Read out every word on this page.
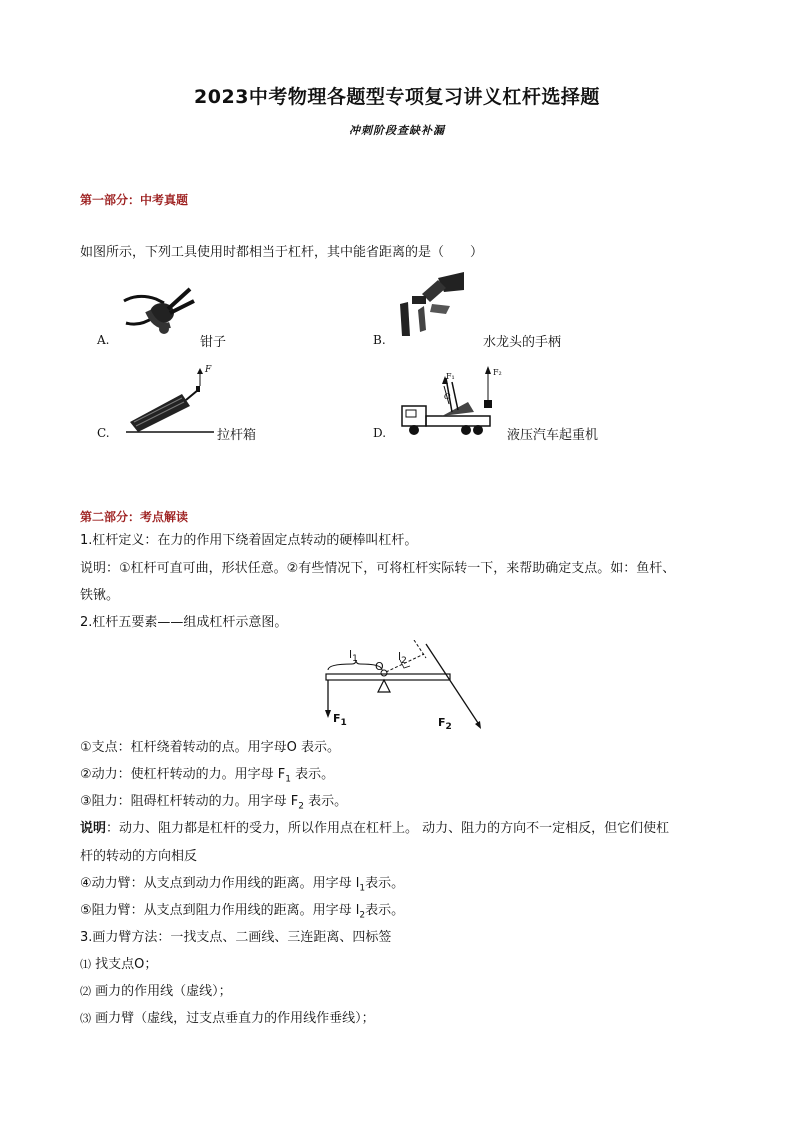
2023中考物理各题型专项复习讲义杠杆选择题
冲刺阶段查缺补漏
第一部分：中考真题
如图所示，下列工具使用时都相当于杠杆，其中能省距离的是（　　）
A.	钳子	B.	水龙头的手柄
F
C.	拉杆箱
F₁	F₂
O
D.	液压汽车起重机
第二部分：考点解读
1.杠杆定义：在力的作用下绕着固定点转动的硬棒叫杠杆。
说明：①杠杆可直可曲，形状任意。②有些情况下，可将杠杆实际转一下，来帮助确定支点。如：鱼杆、
铁锹。
2.杠杆五要素——组成杠杆示意图。
$l_1$
O
$l_2$
$F_1$	$F_2$
①支点：杠杆绕着转动的点。用字母O 表示。
②动力：使杠杆转动的力。用字母 $F_1$ 表示。
③阻力：阻碍杠杆转动的力。用字母 $F_2$ 表示。
说明：动力、阻力都是杠杆的受力，所以作用点在杠杆上。 动力、阻力的方向不一定相反，但它们使杠
杆的转动的方向相反
④动力臂：从支点到动力作用线的距离。用字母 $l_1$表示。
⑤阻力臂：从支点到阻力作用线的距离。用字母 $l_2$表示。
3.画力臂方法：一找支点、二画线、三连距离、四标签
⑴ 找支点O；
⑵ 画力的作用线（虚线）；
⑶ 画力臂（虚线，过支点垂直力的作用线作垂线）；
